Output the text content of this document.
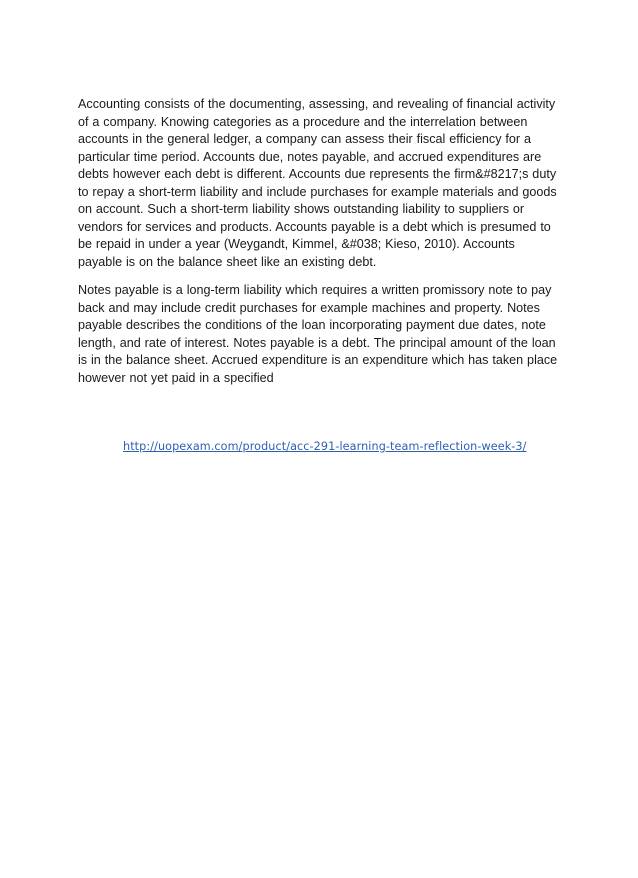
Accounting consists of the documenting, assessing, and revealing of financial activity of a company. Knowing categories as a procedure and the interrelation between accounts in the general ledger, a company can assess their fiscal efficiency for a particular time period. Accounts due, notes payable, and accrued expenditures are debts however each debt is different. Accounts due represents the firm&#8217;s duty to repay a short-term liability and include purchases for example materials and goods on account. Such a short-term liability shows outstanding liability to suppliers or vendors for services and products. Accounts payable is a debt which is presumed to be repaid in under a year (Weygandt, Kimmel, &#038; Kieso, 2010). Accounts payable is on the balance sheet like an existing debt.

Notes payable is a long-term liability which requires a written promissory note to pay back and may include credit purchases for example machines and property. Notes payable describes the conditions of the loan incorporating payment due dates, note length, and rate of interest. Notes payable is a debt. The principal amount of the loan is in the balance sheet. Accrued expenditure is an expenditure which has taken place however not yet paid in a specified

http://uopexam.com/product/acc-291-learning-team-reflection-week-3/
